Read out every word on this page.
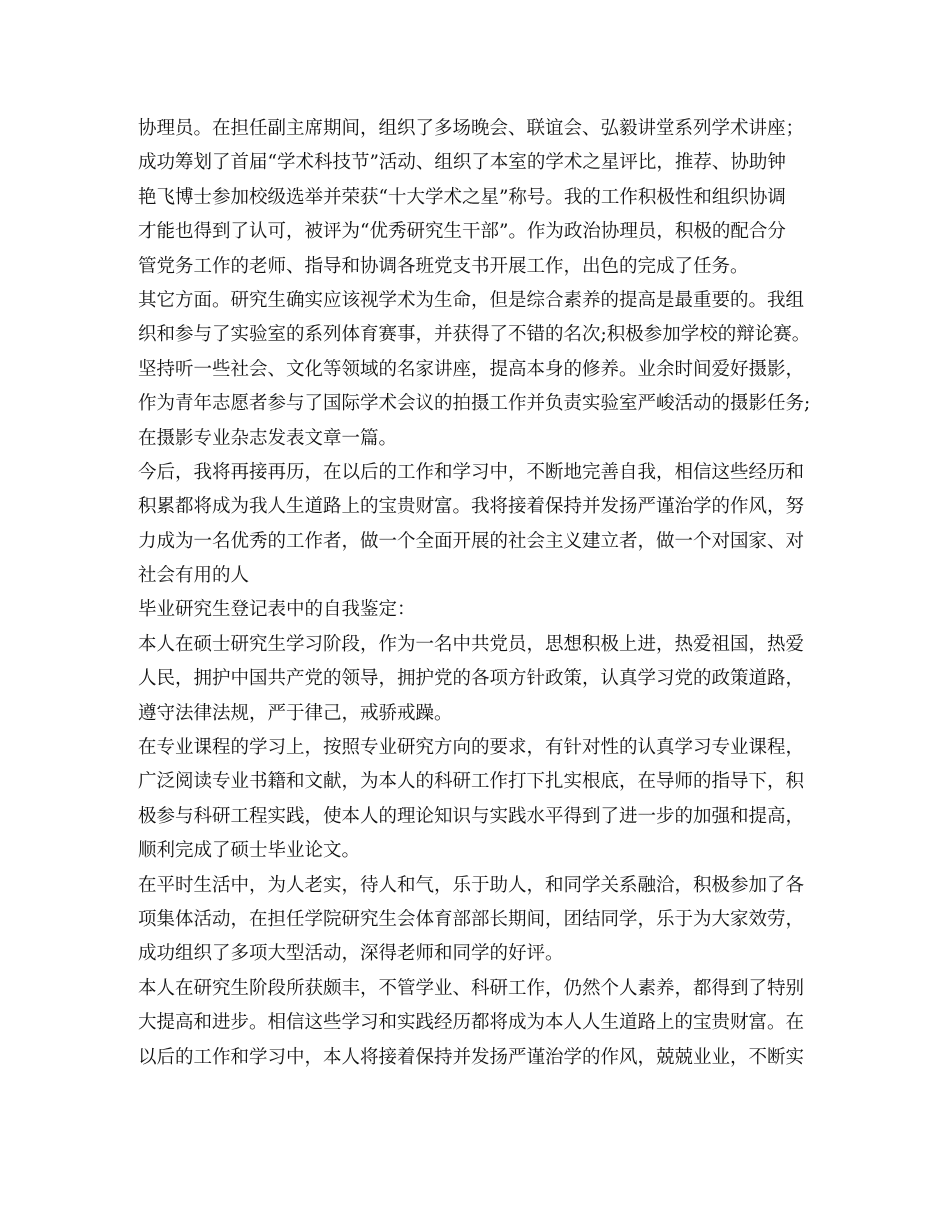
协理员。在担任副主席期间，组织了多场晚会、联谊会、弘毅讲堂系列学术讲座；
成功筹划了首届“学术科技节”活动、组织了本室的学术之星评比，推荐、协助钟
艳飞博士参加校级选举并荣获“十大学术之星”称号。我的工作积极性和组织协调
才能也得到了认可，被评为“优秀研究生干部”。作为政治协理员，积极的配合分
管党务工作的老师、指导和协调各班党支书开展工作，出色的完成了任务。
其它方面。研究生确实应该视学术为生命，但是综合素养的提高是最重要的。我组
织和参与了实验室的系列体育赛事，并获得了不错的名次;积极参加学校的辩论赛。
坚持听一些社会、文化等领域的名家讲座，提高本身的修养。业余时间爱好摄影，
作为青年志愿者参与了国际学术会议的拍摄工作并负责实验室严峻活动的摄影任务;
在摄影专业杂志发表文章一篇。
今后，我将再接再历，在以后的工作和学习中，不断地完善自我，相信这些经历和
积累都将成为我人生道路上的宝贵财富。我将接着保持并发扬严谨治学的作风，努
力成为一名优秀的工作者，做一个全面开展的社会主义建立者，做一个对国家、对
社会有用的人
毕业研究生登记表中的自我鉴定：
本人在硕士研究生学习阶段，作为一名中共党员，思想积极上进，热爱祖国，热爱
人民，拥护中国共产党的领导，拥护党的各项方针政策，认真学习党的政策道路，
遵守法律法规，严于律己，戒骄戒躁。
在专业课程的学习上，按照专业研究方向的要求，有针对性的认真学习专业课程，
广泛阅读专业书籍和文献，为本人的科研工作打下扎实根底，在导师的指导下，积
极参与科研工程实践，使本人的理论知识与实践水平得到了进一步的加强和提高，
顺利完成了硕士毕业论文。
在平时生活中，为人老实，待人和气，乐于助人，和同学关系融洽，积极参加了各
项集体活动，在担任学院研究生会体育部部长期间，团结同学，乐于为大家效劳，
成功组织了多项大型活动，深得老师和同学的好评。
本人在研究生阶段所获颇丰，不管学业、科研工作，仍然个人素养，都得到了特别
大提高和进步。相信这些学习和实践经历都将成为本人人生道路上的宝贵财富。在
以后的工作和学习中，本人将接着保持并发扬严谨治学的作风，兢兢业业，不断实
